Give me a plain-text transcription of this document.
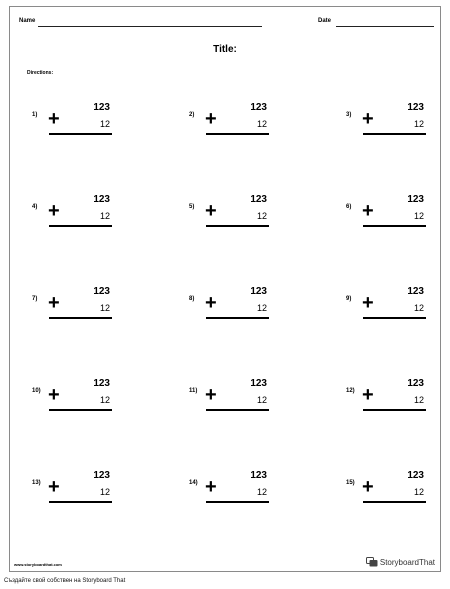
Name	Date
Title:
Directions:
1)
123
+	12
2)
123
+	12
3)
123
+	12
4)
123
+	12
5)
123
+	12
6)
123
+	12
7)
123
+	12
8)
123
+	12
9)
123
+	12
10)
123
+	12
11)
123
+	12
12)
123
+	12
13)
123
+	12
14)
123
+	12
15)
123
+	12
www.storyboardthat.com	StoryboardThat
Създайте свой собствен на Storyboard That
